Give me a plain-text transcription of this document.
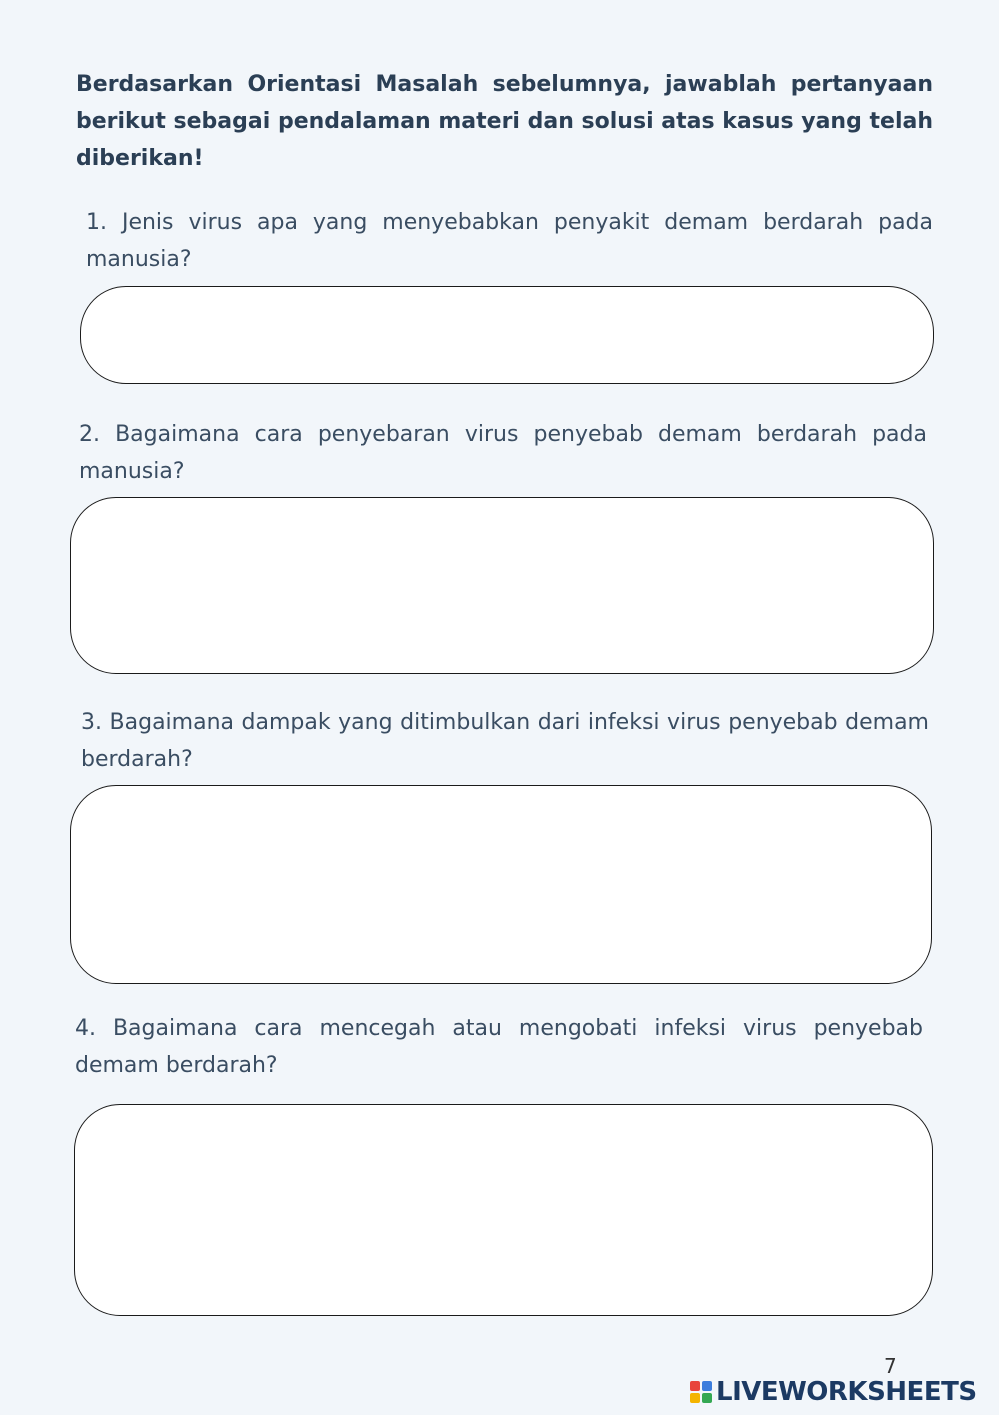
Berdasarkan Orientasi Masalah sebelumnya, jawablah pertanyaan berikut sebagai pendalaman materi dan solusi atas kasus yang telah diberikan!

1. Jenis virus apa yang menyebabkan penyakit demam berdarah pada manusia?

2. Bagaimana cara penyebaran virus penyebab demam berdarah pada manusia?

3. Bagaimana dampak yang ditimbulkan dari infeksi virus penyebab demam berdarah?

4. Bagaimana cara mencegah atau mengobati infeksi virus penyebab demam berdarah?

7
LIVEWORKSHEETS
